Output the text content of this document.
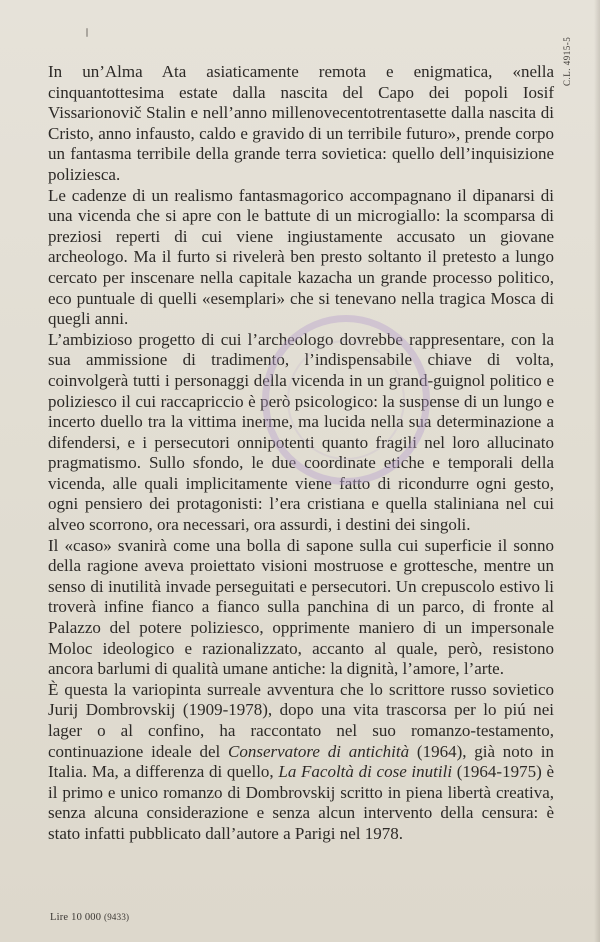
C.L. 4915-5

In un’Alma Ata asiaticamente remota e enigmatica, «nella cinquantottesima estate dalla nascita del Capo dei popoli Iosif Vissarionovič Stalin e nell’anno millenovecentotrentasette dalla nascita di Cristo, anno infausto, caldo e gravido di un terribile futuro», prende corpo un fantasma terribile della grande terra sovietica: quello dell’inquisizione poliziesca.

Le cadenze di un realismo fantasmagorico accompagnano il dipanarsi di una vicenda che si apre con le battute di un microgiallo: la scomparsa di preziosi reperti di cui viene ingiustamente accusato un giovane archeologo. Ma il furto si rivelerà ben presto soltanto il pretesto a lungo cercato per inscenare nella capitale kazacha un grande processo politico, eco puntuale di quelli «esemplari» che si tenevano nella tragica Mosca di quegli anni.

L’ambizioso progetto di cui l’archeologo dovrebbe rappresentare, con la sua ammissione di tradimento, l’indispensabile chiave di volta, coinvolgerà tutti i personaggi della vicenda in un grand-guignol politico e poliziesco il cui raccapriccio è però psicologico: la suspense di un lungo e incerto duello tra la vittima inerme, ma lucida nella sua determinazione a difendersi, e i persecutori onnipotenti quanto fragili nel loro allucinato pragmatismo. Sullo sfondo, le due coordinate etiche e temporali della vicenda, alle quali implicitamente viene fatto di ricondurre ogni gesto, ogni pensiero dei protagonisti: l’era cristiana e quella staliniana nel cui alveo scorrono, ora necessari, ora assurdi, i destini dei singoli.

Il «caso» svanirà come una bolla di sapone sulla cui superficie il sonno della ragione aveva proiettato visioni mostruose e grottesche, mentre un senso di inutilità invade perseguitati e persecutori. Un crepuscolo estivo li troverà infine fianco a fianco sulla panchina di un parco, di fronte al Palazzo del potere poliziesco, opprimente maniero di un impersonale Moloc ideologico e razionalizzato, accanto al quale, però, resistono ancora barlumi di qualità umane antiche: la dignità, l’amore, l’arte.

È questa la variopinta surreale avventura che lo scrittore russo sovietico Jurij Dombrovskij (1909-1978), dopo una vita trascorsa per lo piú nei lager o al confino, ha raccontato nel suo romanzo-testamento, continuazione ideale del Conservatore di antichità (1964), già noto in Italia. Ma, a differenza di quello, La Facoltà di cose inutili (1964-1975) è il primo e unico romanzo di Dombrovskij scritto in piena libertà creativa, senza alcuna considerazione e senza alcun intervento della censura: è stato infatti pubblicato dall’autore a Parigi nel 1978.

Lire 10 000 (9433)
